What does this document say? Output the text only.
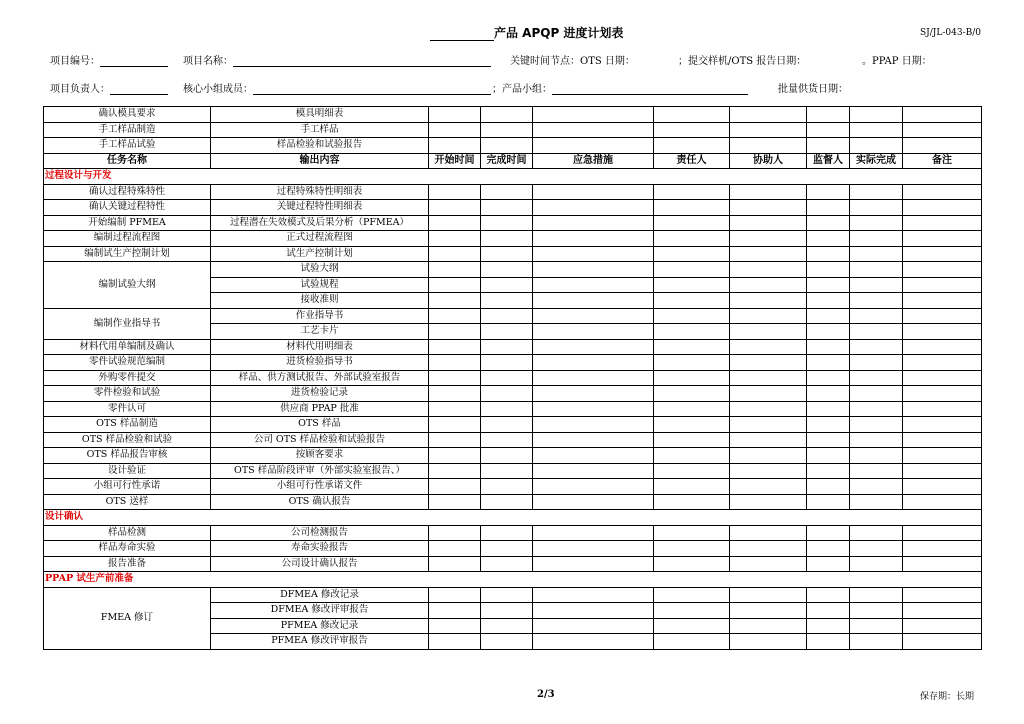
产品 APQP 进度计划表	SJ/JL-043-B/0
项目编号：	项目名称：	关键时间节点：OTS 日期：	；提交样机/OTS 报告日期：	。PPAP 日期：
项目负责人：	核心小组成员：	；产品小组：	批量供货日期：
确认模具要求	模具明细表								
手工样品制造	手工样品								
手工样品试验	样品检验和试验报告								
任务名称	输出内容	开始时间	完成时间	应急措施	责任人	协助人	监督人	实际完成	备注
过程设计与开发									
确认过程特殊特性	过程特殊特性明细表								
确认关键过程特性	关键过程特性明细表								
开始编制 PFMEA	过程潜在失效模式及后果分析（PFMEA）								
编制过程流程图	正式过程流程图								
编制试生产控制计划	试生产控制计划								
编制试验大纲	试验大纲								
	试验规程								
	接收准则								
编制作业指导书	作业指导书								
	工艺卡片								
材料代用单编制及确认	材料代用明细表								
零件试验规范编制	进货检验指导书								
外购零件提交	样品、供方测试报告、外部试验室报告								
零件检验和试验	进货检验记录								
零件认可	供应商 PPAP 批准								
OTS 样品制造	OTS 样品								
OTS 样品检验和试验	公司 OTS 样品检验和试验报告								
OTS 样品报告审核	按顾客要求								
设计验证	OTS 样品阶段评审（外部实验室报告、）								
小组可行性承诺	小组可行性承诺文件								
OTS 送样	OTS 确认报告								
设计确认									
样品检测	公司检测报告								
样品寿命实验	寿命实验报告								
报告准备	公司设计确认报告								
PPAP 试生产前准备									
FMEA 修订	DFMEA 修改记录								
	DFMEA 修改评审报告								
	PFMEA 修改记录								
	PFMEA 修改评审报告								
2/3	保存期：长期
